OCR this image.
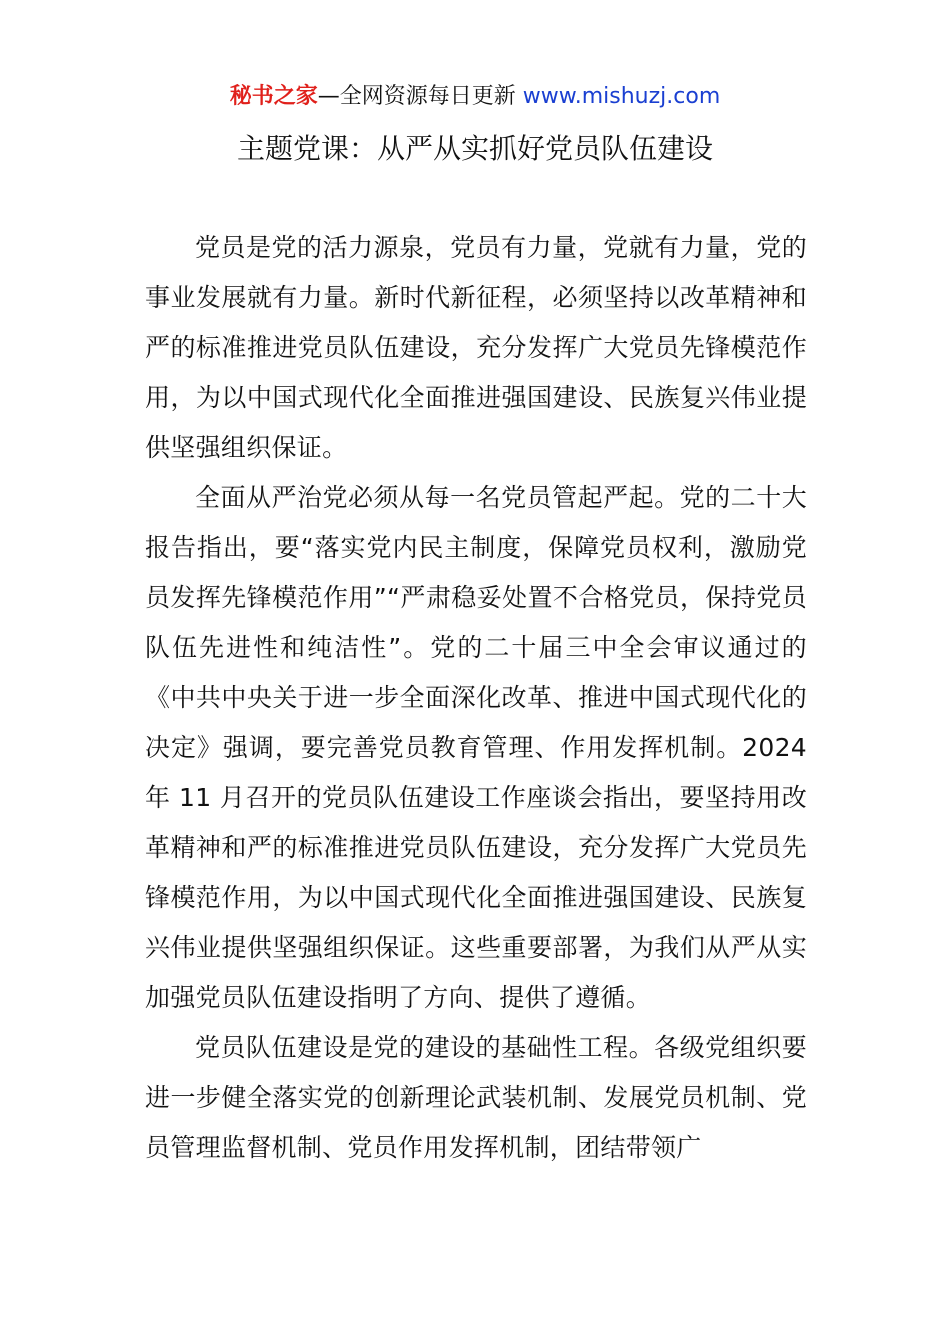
秘书之家—全网资源每日更新 www.mishuzj.com
主题党课：从严从实抓好党员队伍建设

党员是党的活力源泉，党员有力量，党就有力量，党的事业发展就有力量。新时代新征程，必须坚持以改革精神和严的标准推进党员队伍建设，充分发挥广大党员先锋模范作用，为以中国式现代化全面推进强国建设、民族复兴伟业提供坚强组织保证。

全面从严治党必须从每一名党员管起严起。党的二十大报告指出，要“落实党内民主制度，保障党员权利，激励党员发挥先锋模范作用”“严肃稳妥处置不合格党员，保持党员队伍先进性和纯洁性”。党的二十届三中全会审议通过的《中共中央关于进一步全面深化改革、推进中国式现代化的决定》强调，要完善党员教育管理、作用发挥机制。2024 年 11 月召开的党员队伍建设工作座谈会指出，要坚持用改革精神和严的标准推进党员队伍建设，充分发挥广大党员先锋模范作用，为以中国式现代化全面推进强国建设、民族复兴伟业提供坚强组织保证。这些重要部署，为我们从严从实加强党员队伍建设指明了方向、提供了遵循。

党员队伍建设是党的建设的基础性工程。各级党组织要进一步健全落实党的创新理论武装机制、发展党员机制、党员管理监督机制、党员作用发挥机制，团结带领广
